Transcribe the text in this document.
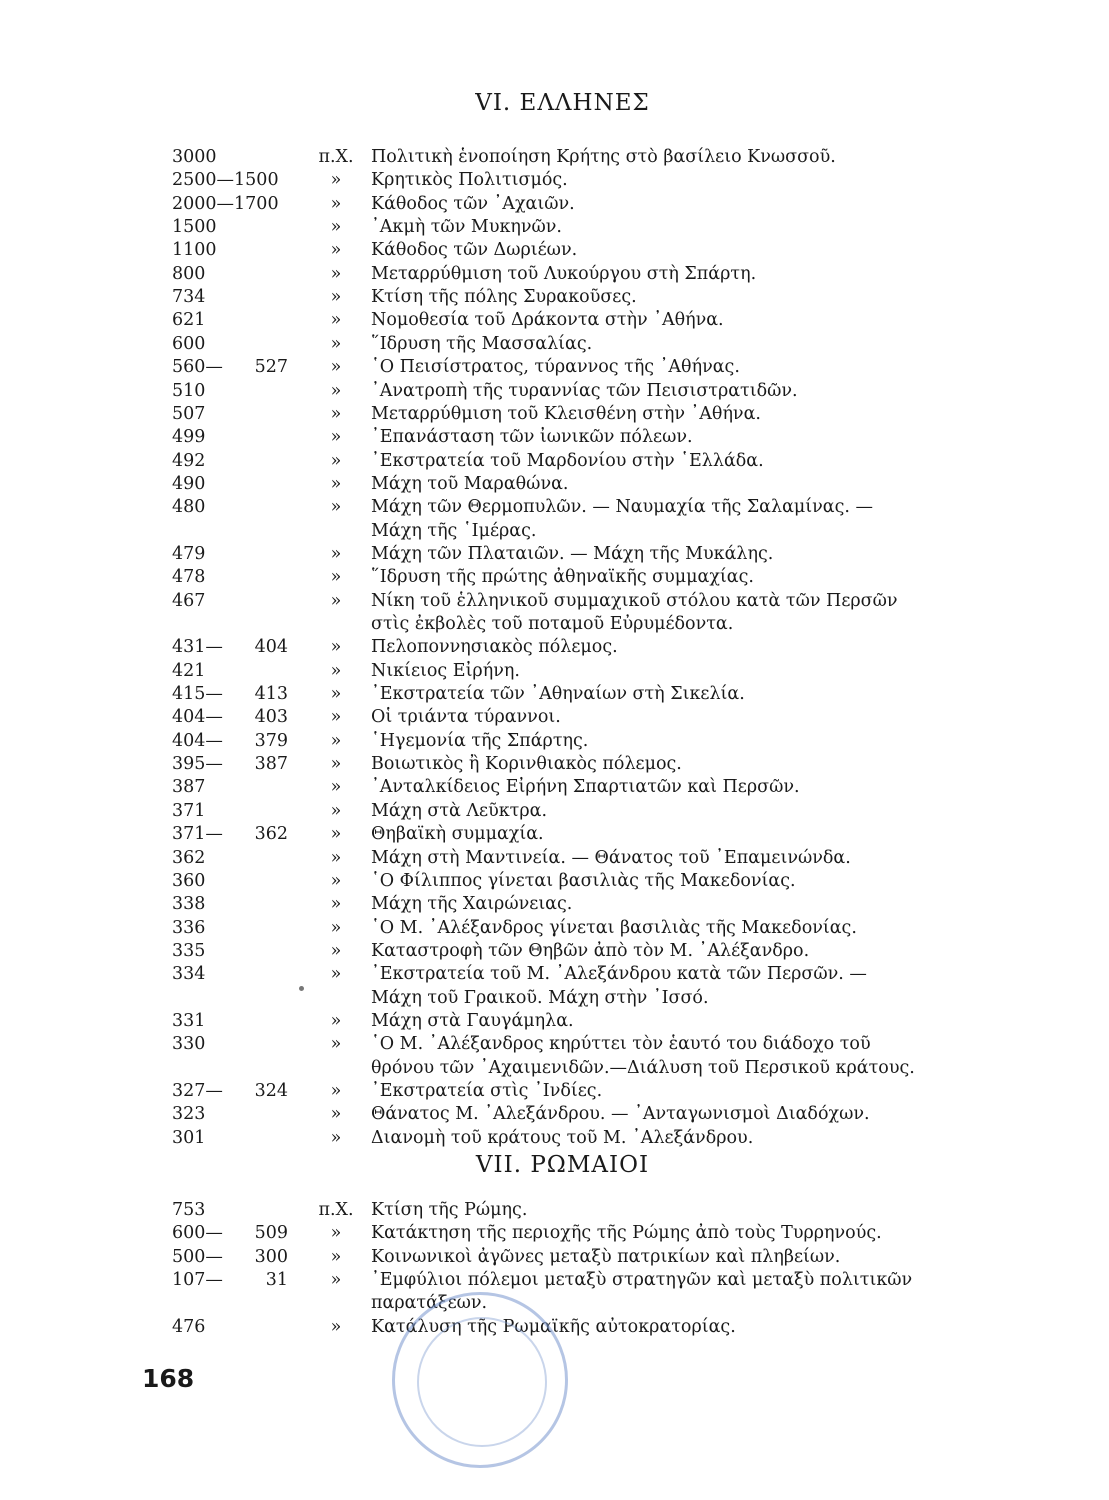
VI. ΕΛΛΗΝΕΣ
3000	π.Χ. Πολιτικὴ ἑνοποίηση Κρήτης στὸ βασίλειο Κνωσσοῦ.
2500—1500	»	Κρητικὸς Πολιτισμός.
2000—1700	»	Κάθοδος τῶν ᾿Αχαιῶν.
1500	»	᾿Ακμὴ τῶν Μυκηνῶν.
1100	»	Κάθοδος τῶν Δωριέων.
800	»	Μεταρρύθμιση τοῦ Λυκούργου στὴ Σπάρτη.
734	»	Κτίση τῆς πόλης Συρακοῦσες.
621	»	Νομοθεσία τοῦ Δράκοντα στὴν ᾿Αθήνα.
600	»	῞Ιδρυση τῆς Μασσαλίας.
560—	527	»	῾Ο Πεισίστρατος, τύραννος τῆς ᾿Αθήνας.
510	»	᾿Ανατροπὴ τῆς τυραννίας τῶν Πεισιστρατιδῶν.
507	»	Μεταρρύθμιση τοῦ Κλεισθένη στὴν ᾿Αθήνα.
499	»	᾿Επανάσταση τῶν ἰωνικῶν πόλεων.
492	»	᾿Εκστρατεία τοῦ Μαρδονίου στὴν ῾Ελλάδα.
490	»	Μάχη τοῦ Μαραθώνα.
480	»	Μάχη τῶν Θερμοπυλῶν. — Ναυμαχία τῆς Σαλαμίνας. —
Μάχη τῆς ῾Ιμέρας.
479	»	Μάχη τῶν Πλαταιῶν. — Μάχη τῆς Μυκάλης.
478	»	῞Ιδρυση τῆς πρώτης ἀθηναϊκῆς συμμαχίας.
467	»	Νίκη τοῦ ἑλληνικοῦ συμμαχικοῦ στόλου κατὰ τῶν Περσῶν
στὶς ἐκβολὲς τοῦ ποταμοῦ Εὐρυμέδοντα.
431—	404	»	Πελοποννησιακὸς πόλεμος.
421	»	Νικίειος Εἰρήνη.
415—	413	»	᾿Εκστρατεία τῶν ᾿Αθηναίων στὴ Σικελία.
404—	403	»	Οἱ τριάντα τύραννοι.
404—	379	»	῾Ηγεμονία τῆς Σπάρτης.
395—	387	»	Βοιωτικὸς ἢ Κορινθιακὸς πόλεμος.
387	»	᾿Ανταλκίδειος Εἰρήνη Σπαρτιατῶν καὶ Περσῶν.
371	»	Μάχη στὰ Λεῦκτρα.
371—	362	»	Θηβαϊκὴ συμμαχία.
362	»	Μάχη στὴ Μαντινεία. — Θάνατος τοῦ ᾿Επαμεινώνδα.
360	»	῾Ο Φίλιππος γίνεται βασιλιὰς τῆς Μακεδονίας.
338	»	Μάχη τῆς Χαιρώνειας.
336	»	῾Ο Μ. ᾿Αλέξανδρος γίνεται βασιλιὰς τῆς Μακεδονίας.
335	»	Καταστροφὴ τῶν Θηβῶν ἀπὸ τὸν Μ. ᾿Αλέξανδρο.
334	»	᾿Εκστρατεία τοῦ Μ. ᾿Αλεξάνδρου κατὰ τῶν Περσῶν. —
Μάχη τοῦ Γραικοῦ. Μάχη στὴν ᾿Ισσό.
331	»	Μάχη στὰ Γαυγάμηλα.
330	»	῾Ο Μ. ᾿Αλέξανδρος κηρύττει τὸν ἑαυτό του διάδοχο τοῦ
θρόνου τῶν ᾿Αχαιμενιδῶν.—Διάλυση τοῦ Περσικοῦ κράτους.
327—	324	»	᾿Εκστρατεία στὶς ᾿Ινδίες.
323	»	Θάνατος Μ. ᾿Αλεξάνδρου. — ᾿Ανταγωνισμοὶ Διαδόχων.
301	»	Διανομὴ τοῦ κράτους τοῦ Μ. ᾿Αλεξάνδρου.
VII. ΡΩΜΑΙΟΙ
753	π.Χ. Κτίση τῆς Ρώμης.
600—	509	»	Κατάκτηση τῆς περιοχῆς τῆς Ρώμης ἀπὸ τοὺς Τυρρηνούς.
500—	300	»	Κοινωνικοὶ ἀγῶνες μεταξὺ πατρικίων καὶ πληβείων.
107—	31	»	᾿Εμφύλιοι πόλεμοι μεταξὺ στρατηγῶν καὶ μεταξὺ πολιτικῶν
παρατάξεων.
476	»	Κατάλυση τῆς Ρωμαϊκῆς αὐτοκρατορίας.
168
